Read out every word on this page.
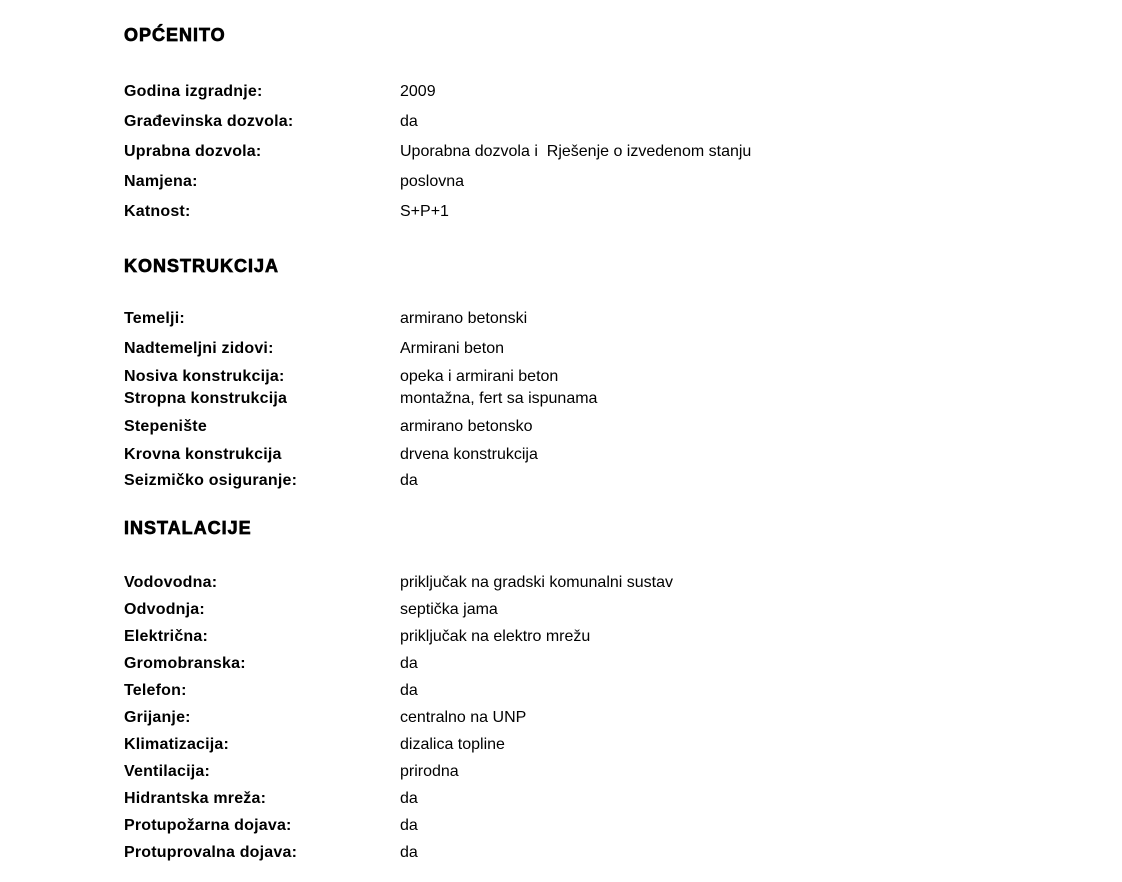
OPĆENITO
Godina izgradnje:	2009
Građevinska dozvola:	da
Uprabna dozvola:	Uporabna dozvola i  Rješenje o izvedenom stanju
Namjena:	poslovna
Katnost:	S+P+1
KONSTRUKCIJA
Temelji:	armirano betonski
Nadtemeljni zidovi:	Armirani beton
Nosiva konstrukcija:	opeka i armirani beton
Stropna konstrukcija	montažna, fert sa ispunama
Stepenište	armirano betonsko
Krovna konstrukcija	drvena konstrukcija
Seizmičko osiguranje:	da
INSTALACIJE
Vodovodna:	priključak na gradski komunalni sustav
Odvodnja:	septička jama
Električna:	priključak na elektro mrežu
Gromobranska:	da
Telefon:	da
Grijanje:	centralno na UNP
Klimatizacija:	dizalica topline
Ventilacija:	prirodna
Hidrantska mreža:	da
Protupožarna dojava:	da
Protuprovalna dojava:	da
